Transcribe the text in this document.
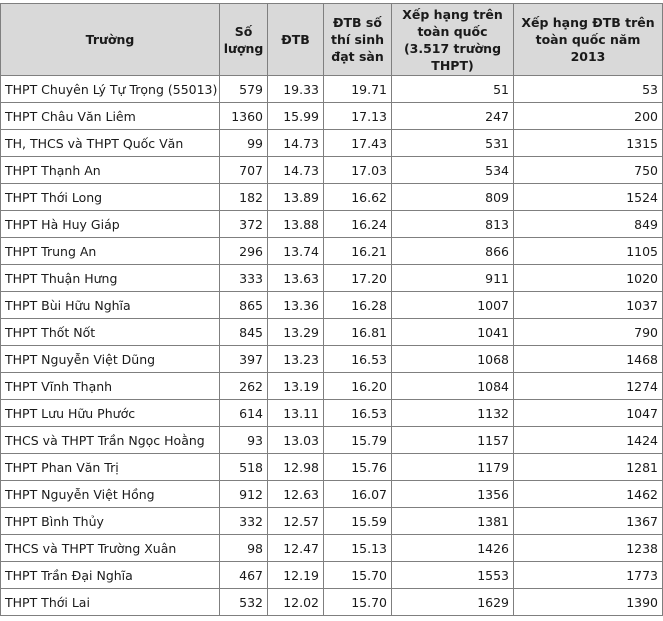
Trường	Số lượng	ĐTB	ĐTB số thí sinh đạt sàn	Xếp hạng trên toàn quốc (3.517 trường THPT)	Xếp hạng ĐTB trên toàn quốc năm 2013
THPT Chuyên Lý Tự Trọng (55013)	579	19.33	19.71	51	53
THPT Châu Văn Liêm	1360	15.99	17.13	247	200
TH, THCS và THPT Quốc Văn	99	14.73	17.43	531	1315
THPT Thạnh An	707	14.73	17.03	534	750
THPT Thới Long	182	13.89	16.62	809	1524
THPT Hà Huy Giáp	372	13.88	16.24	813	849
THPT Trung An	296	13.74	16.21	866	1105
THPT Thuận Hưng	333	13.63	17.20	911	1020
THPT Bùi Hữu Nghĩa	865	13.36	16.28	1007	1037
THPT Thốt Nốt	845	13.29	16.81	1041	790
THPT Nguyễn Việt Dũng	397	13.23	16.53	1068	1468
THPT Vĩnh Thạnh	262	13.19	16.20	1084	1274
THPT Lưu Hữu Phước	614	13.11	16.53	1132	1047
THCS và THPT Trần Ngọc Hoằng	93	13.03	15.79	1157	1424
THPT Phan Văn Trị	518	12.98	15.76	1179	1281
THPT Nguyễn Việt Hồng	912	12.63	16.07	1356	1462
THPT Bình Thủy	332	12.57	15.59	1381	1367
THCS và THPT Trường Xuân	98	12.47	15.13	1426	1238
THPT Trần Đại Nghĩa	467	12.19	15.70	1553	1773
THPT Thới Lai	532	12.02	15.70	1629	1390
